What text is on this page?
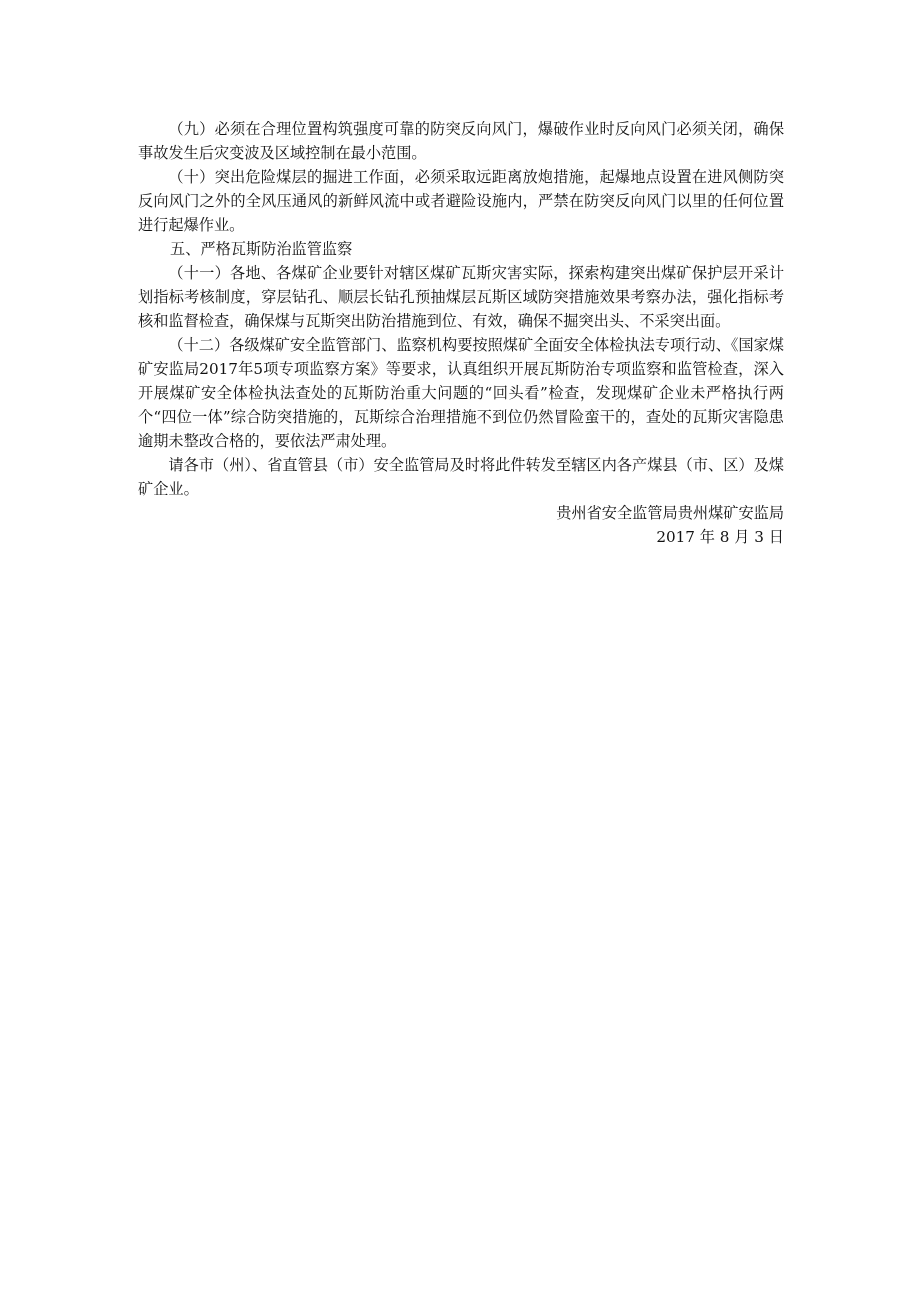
（九）必须在合理位置构筑强度可靠的防突反向风门，爆破作业时反向风门必须关闭，确保事故发生后灾变波及区域控制在最小范围。

（十）突出危险煤层的掘进工作面，必须采取远距离放炮措施，起爆地点设置在进风侧防突反向风门之外的全风压通风的新鲜风流中或者避险设施内，严禁在防突反向风门以里的任何位置进行起爆作业。

五、严格瓦斯防治监管监察

（十一）各地、各煤矿企业要针对辖区煤矿瓦斯灾害实际，探索构建突出煤矿保护层开采计划指标考核制度，穿层钻孔、顺层长钻孔预抽煤层瓦斯区域防突措施效果考察办法，强化指标考核和监督检查，确保煤与瓦斯突出防治措施到位、有效，确保不掘突出头、不采突出面。

（十二）各级煤矿安全监管部门、监察机构要按照煤矿全面安全体检执法专项行动、《国家煤矿安监局2017年5项专项监察方案》等要求，认真组织开展瓦斯防治专项监察和监管检查，深入开展煤矿安全体检执法查处的瓦斯防治重大问题的“回头看”检查，发现煤矿企业未严格执行两个“四位一体”综合防突措施的，瓦斯综合治理措施不到位仍然冒险蛮干的，查处的瓦斯灾害隐患逾期未整改合格的，要依法严肃处理。

请各市（州）、省直管县（市）安全监管局及时将此件转发至辖区内各产煤县（市、区）及煤矿企业。

贵州省安全监管局贵州煤矿安监局

2017 年 8 月 3 日
